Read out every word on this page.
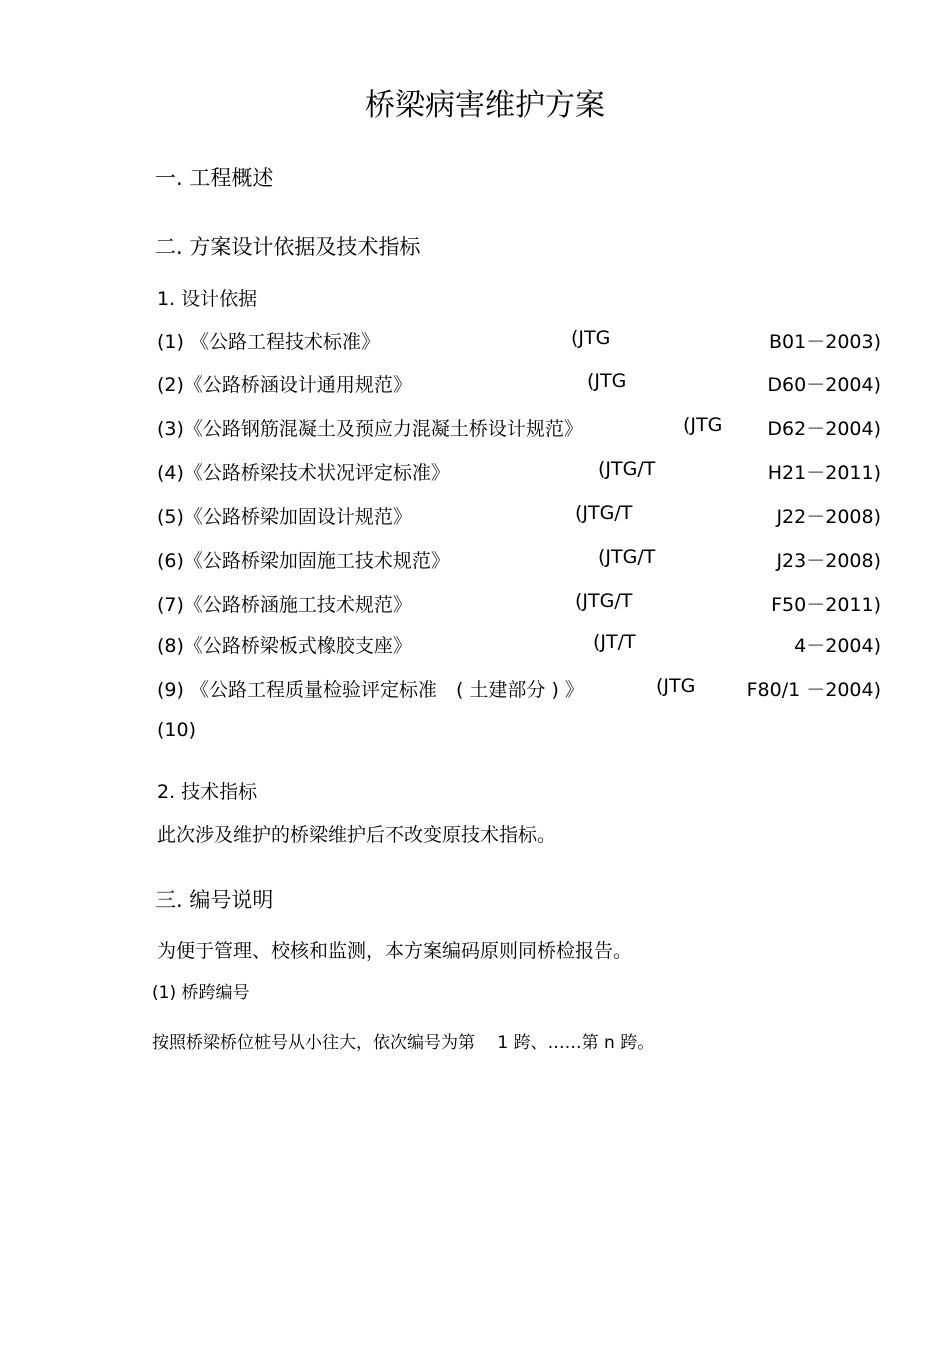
桥梁病害维护方案
一. 工程概述
二. 方案设计依据及技术指标
1. 设计依据
(1) 《公路工程技术标准》	(JTG	B01－2003)
(2)《公路桥涵设计通用规范》	(JTG	D60－2004)
(3)《公路钢筋混凝土及预应力混凝土桥设计规范》	(JTG D62－2004)
(4)《公路桥梁技术状况评定标准》	(JTG/T	H21－2011)
(5)《公路桥梁加固设计规范》	(JTG/T	J22－2008)
(6)《公路桥梁加固施工技术规范》	(JTG/T	J23－2008)
(7)《公路桥涵施工技术规范》	(JTG/T	F50－2011)
(8)《公路桥梁板式橡胶支座》	(JT/T	4－2004)
(9) 《公路工程质量检验评定标准　( 土建部分 ) 》	(JTG	F80/1 －2004)
(10)
2. 技术指标
此次涉及维护的桥梁维护后不改变原技术指标。
三. 编号说明
为便于管理、校核和监测，本方案编码原则同桥检报告。
(1) 桥跨编号
按照桥梁桥位桩号从小往大，依次编号为第　 1 跨、……第 n 跨。
